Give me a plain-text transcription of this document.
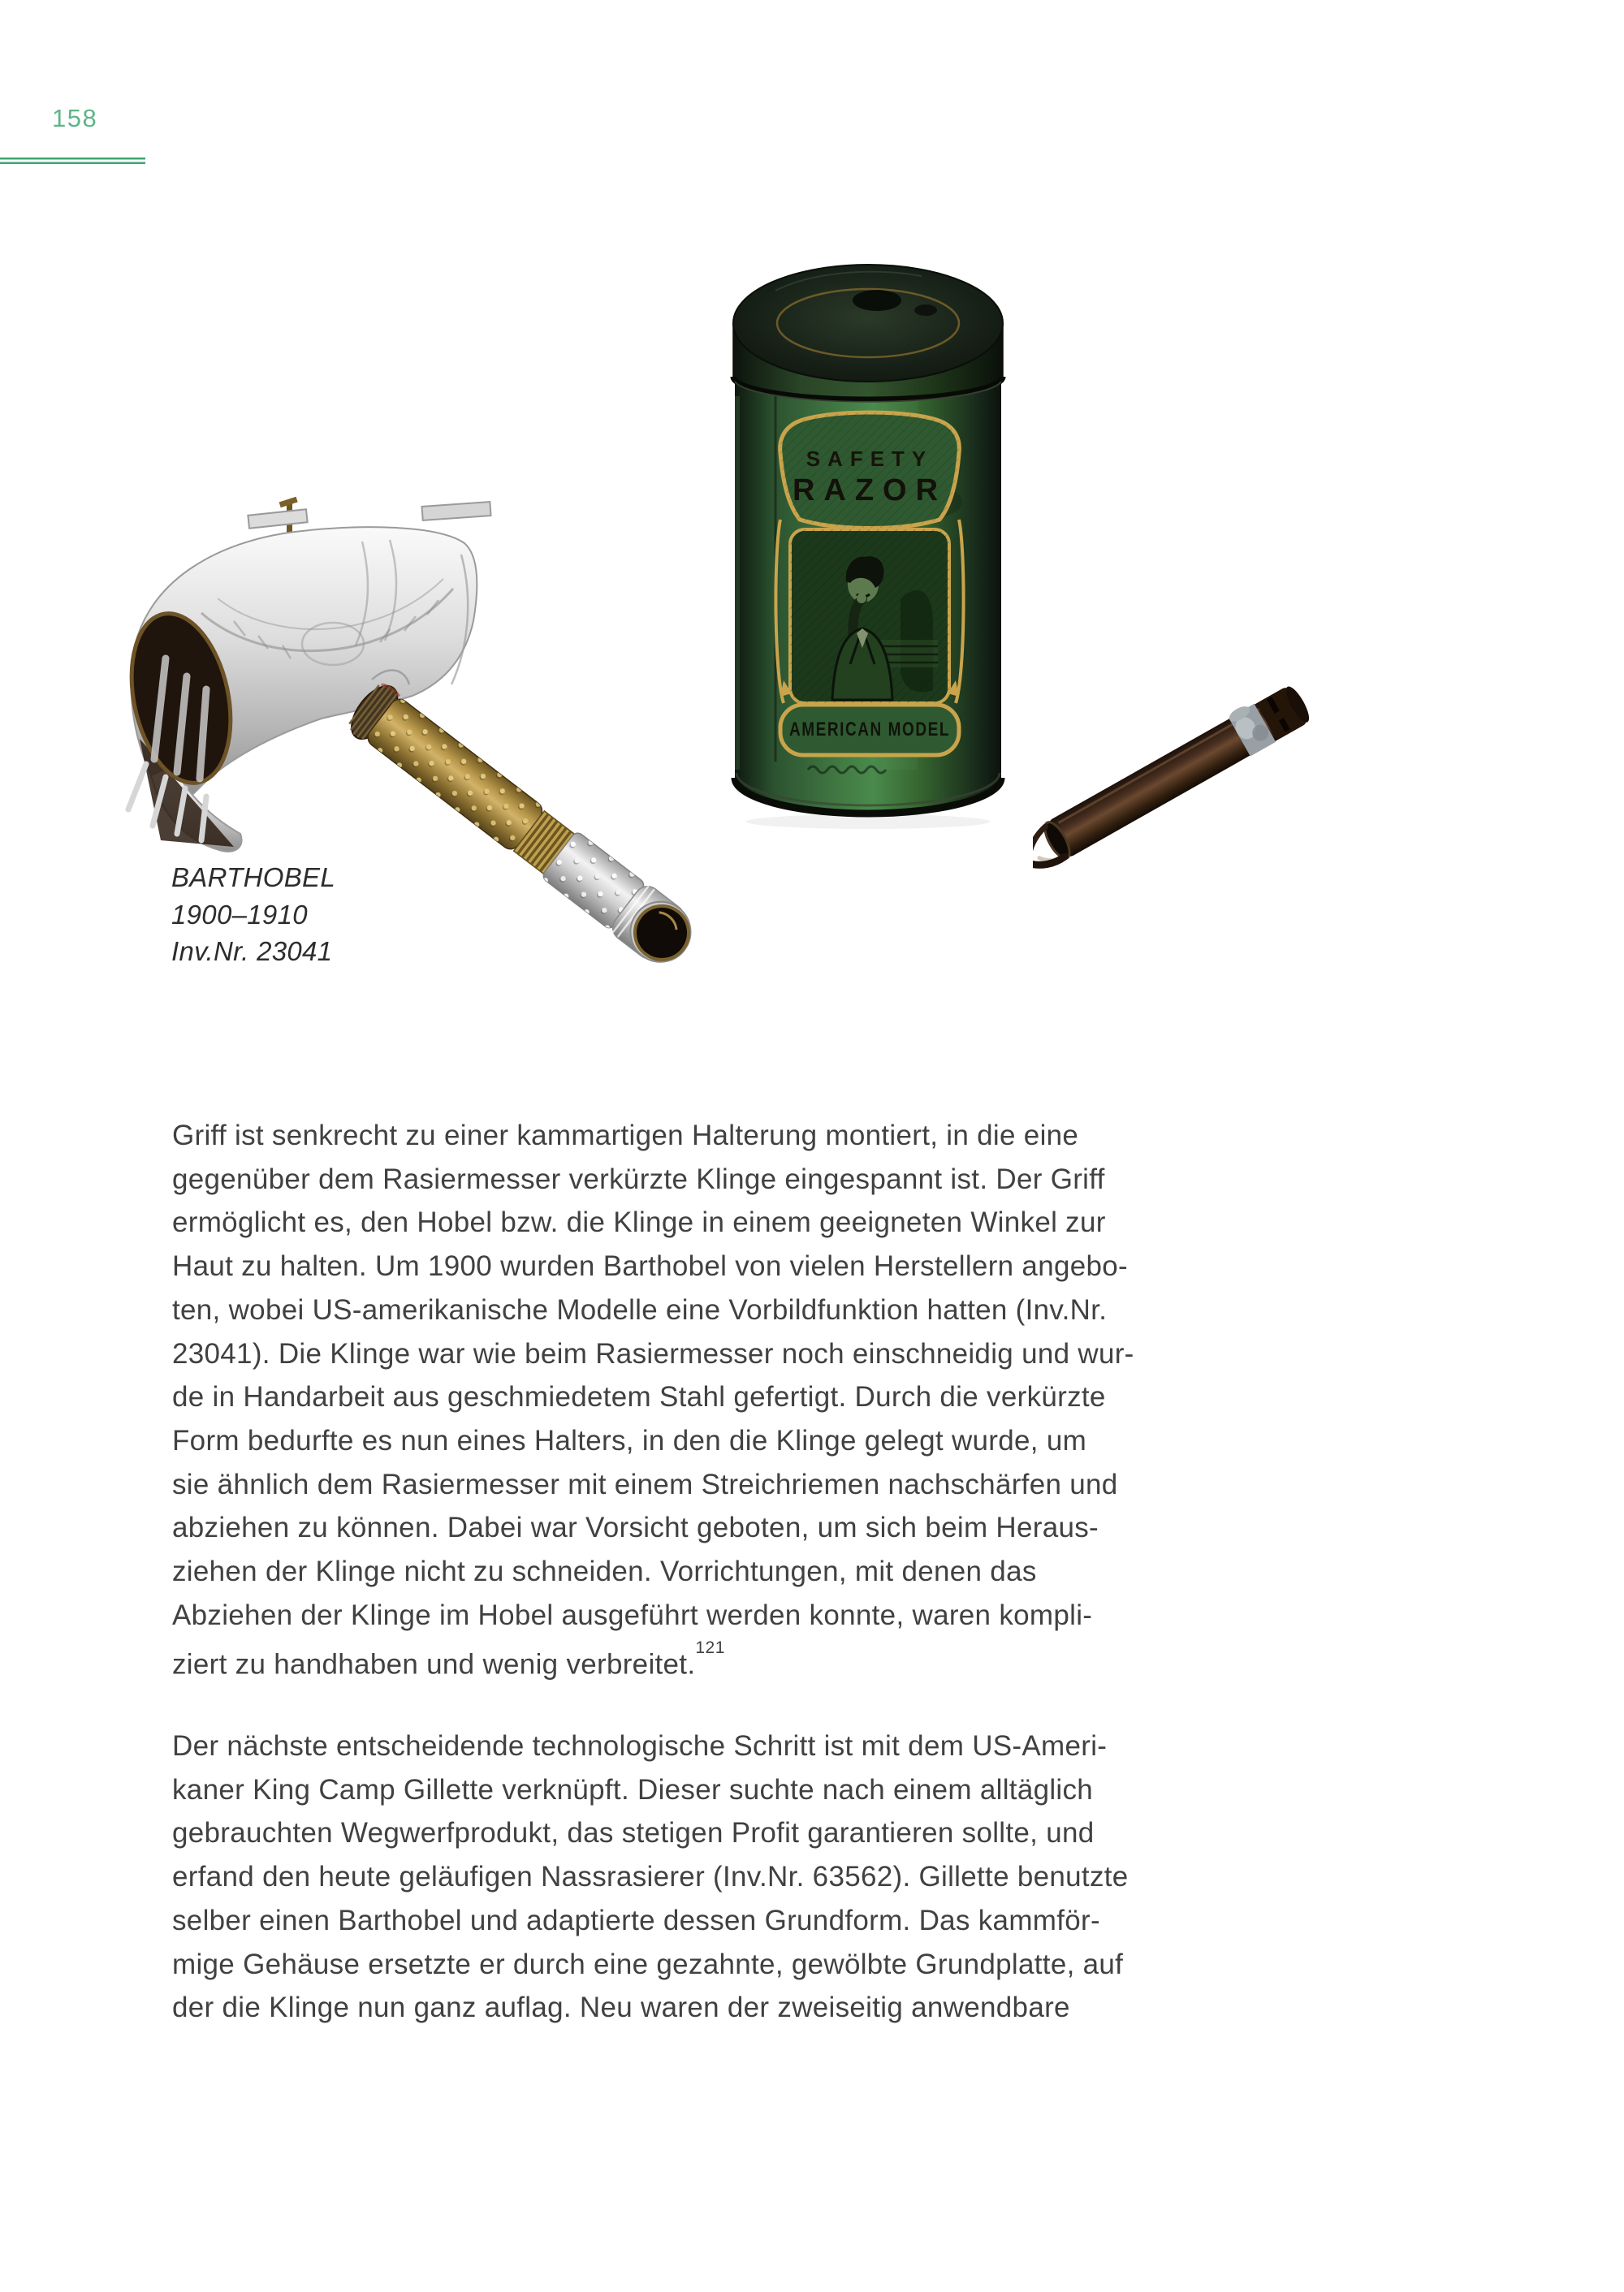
158
SAFETY
RAZOR
AMERICAN MODEL
BARTHOBEL
1900–1910
Inv.Nr. 23041
Griff ist senkrecht zu einer kammartigen Halterung montiert, in die eine
gegenüber dem Rasiermesser verkürzte Klinge eingespannt ist. Der Griff
ermöglicht es, den Hobel bzw. die Klinge in einem geeigneten Winkel zur
Haut zu halten. Um 1900 wurden Barthobel von vielen Herstellern angebo-
ten, wobei US-amerikanische Modelle eine Vorbildfunktion hatten (Inv.Nr.
23041). Die Klinge war wie beim Rasiermesser noch einschneidig und wur-
de in Handarbeit aus geschmiedetem Stahl gefertigt. Durch die verkürzte
Form bedurfte es nun eines Halters, in den die Klinge gelegt wurde, um
sie ähnlich dem Rasiermesser mit einem Streichriemen nachschärfen und
abziehen zu können. Dabei war Vorsicht geboten, um sich beim Heraus-
ziehen der Klinge nicht zu schneiden. Vorrichtungen, mit denen das
Abziehen der Klinge im Hobel ausgeführt werden konnte, waren kompli-
ziert zu handhaben und wenig verbreitet.$^{121}$
Der nächste entscheidende technologische Schritt ist mit dem US-Ameri-
kaner King Camp Gillette verknüpft. Dieser suchte nach einem alltäglich
gebrauchten Wegwerfprodukt, das stetigen Profit garantieren sollte, und
erfand den heute geläufigen Nassrasierer (Inv.Nr. 63562). Gillette benutzte
selber einen Barthobel und adaptierte dessen Grundform. Das kammför-
mige Gehäuse ersetzte er durch eine gezahnte, gewölbte Grundplatte, auf
der die Klinge nun ganz auflag. Neu waren der zweiseitig anwendbare
